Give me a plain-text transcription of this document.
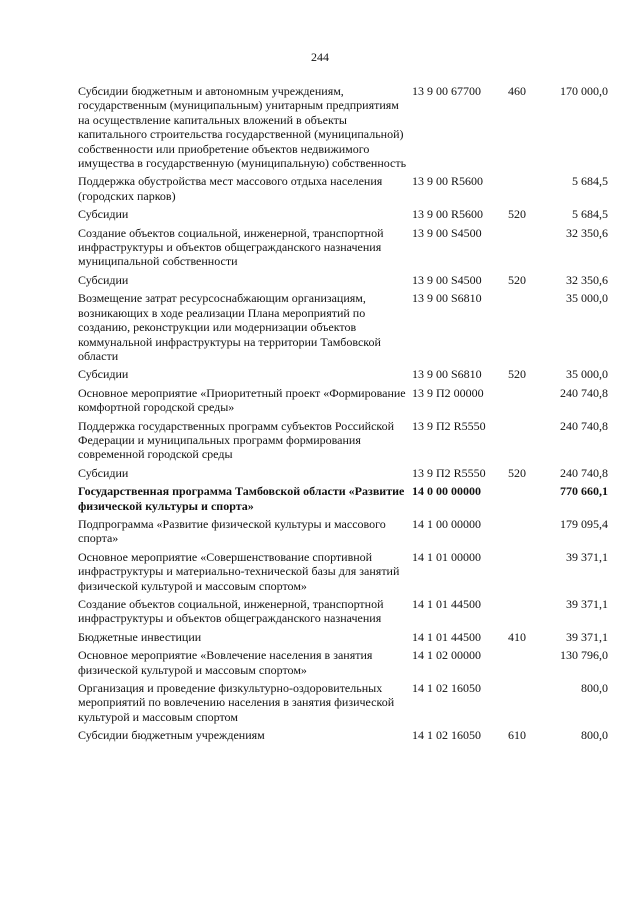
244
Субсидии бюджетным и автономным учреждениям, государственным (муниципальным) унитарным предприятиям на осуществление капитальных вложений в объекты капитального строительства государственной (муниципальной) собственности или приобретение объектов недвижимого имущества в государственную (муниципальную) собственность	13 9 00 67700	460	170 000,0
Поддержка обустройства мест массового отдыха населения (городских парков)	13 9 00 R5600		5 684,5
Субсидии	13 9 00 R5600	520	5 684,5
Создание объектов социальной, инженерной, транспортной инфраструктуры и объектов общегражданского назначения муниципальной собственности	13 9 00 S4500		32 350,6
Субсидии	13 9 00 S4500	520	32 350,6
Возмещение затрат ресурсоснабжающим организациям, возникающих в ходе реализации Плана мероприятий по созданию, реконструкции или модернизации объектов коммунальной инфраструктуры на территории Тамбовской области	13 9 00 S6810		35 000,0
Субсидии	13 9 00 S6810	520	35 000,0
Основное мероприятие «Приоритетный проект «Формирование комфортной городской среды»	13 9 П2 00000		240 740,8
Поддержка государственных программ субъектов Российской Федерации и муниципальных программ формирования современной городской среды	13 9 П2 R5550		240 740,8
Субсидии	13 9 П2 R5550	520	240 740,8
Государственная программа Тамбовской области «Развитие физической культуры и спорта»	14 0 00 00000		770 660,1
Подпрограмма «Развитие физической культуры и массового спорта»	14 1 00 00000		179 095,4
Основное мероприятие «Совершенствование спортивной инфраструктуры и материально-технической базы для занятий физической культурой и массовым спортом»	14 1 01 00000		39 371,1
Создание объектов социальной, инженерной, транспортной инфраструктуры и объектов общегражданского назначения	14 1 01 44500		39 371,1
Бюджетные инвестиции	14 1 01 44500	410	39 371,1
Основное мероприятие «Вовлечение населения в занятия физической культурой и массовым спортом»	14 1 02 00000		130 796,0
Организация и проведение физкультурно-оздоровительных мероприятий по вовлечению населения в занятия физической культурой и массовым спортом	14 1 02 16050		800,0
Субсидии бюджетным учреждениям	14 1 02 16050	610	800,0
